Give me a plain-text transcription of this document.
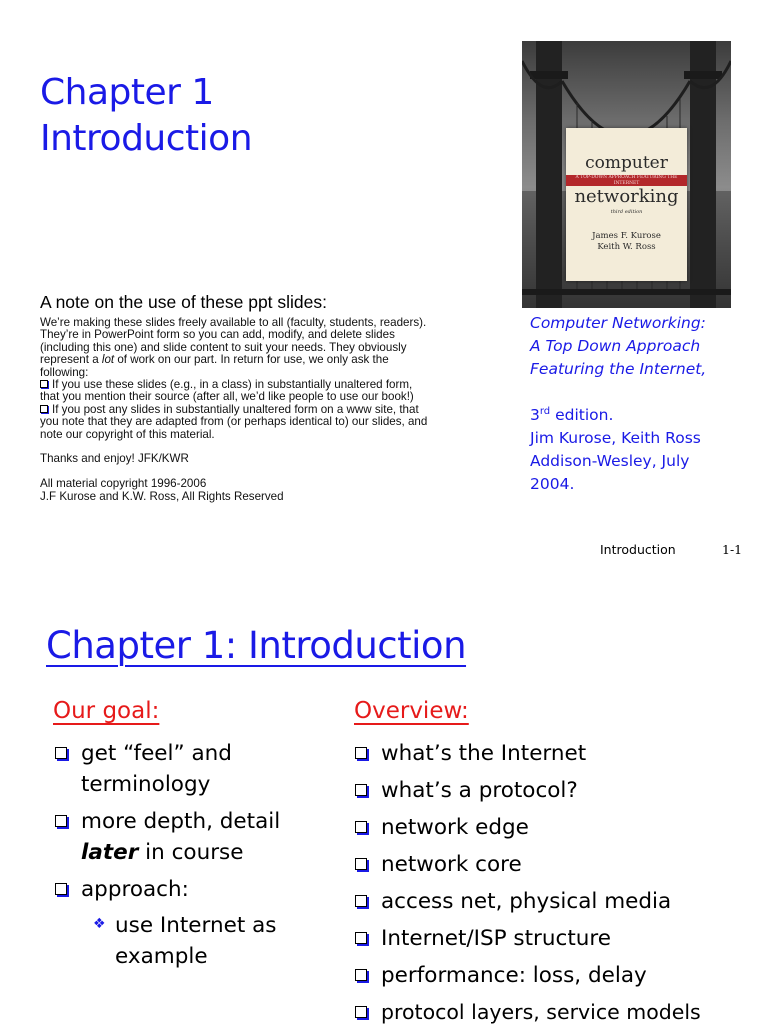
Chapter 1
Introduction
computer
A TOP-DOWN APPROACH FEATURING THE INTERNET
networking
third edition
James F. Kurose
Keith W. Ross
Computer Networking:
A Top Down Approach
Featuring the Internet,
3rd edition.
Jim Kurose, Keith Ross
Addison-Wesley, July
2004.
A note on the use of these ppt slides:
We’re making these slides freely available to all (faculty, students, readers).
They’re in PowerPoint form so you can add, modify, and delete slides
(including this one) and slide content to suit your needs. They obviously
represent a lot of work on our part. In return for use, we only ask the
following:
If you use these slides (e.g., in a class) in substantially unaltered form,
that you mention their source (after all, we’d like people to use our book!)
If you post any slides in substantially unaltered form on a www site, that
you note that they are adapted from (or perhaps identical to) our slides, and
note our copyright of this material.
Thanks and enjoy! JFK/KWR
All material copyright 1996-2006
J.F Kurose and K.W. Ross, All Rights Reserved
Introduction	1-1
Chapter 1: Introduction
Our goal:	Overview:
get “feel” and
terminology
more depth, detail
later in course
approach:
❖ use Internet as
example
what’s the Internet
what’s a protocol?
network edge
network core
access net, physical media
Internet/ISP structure
performance: loss, delay
protocol layers, service models
